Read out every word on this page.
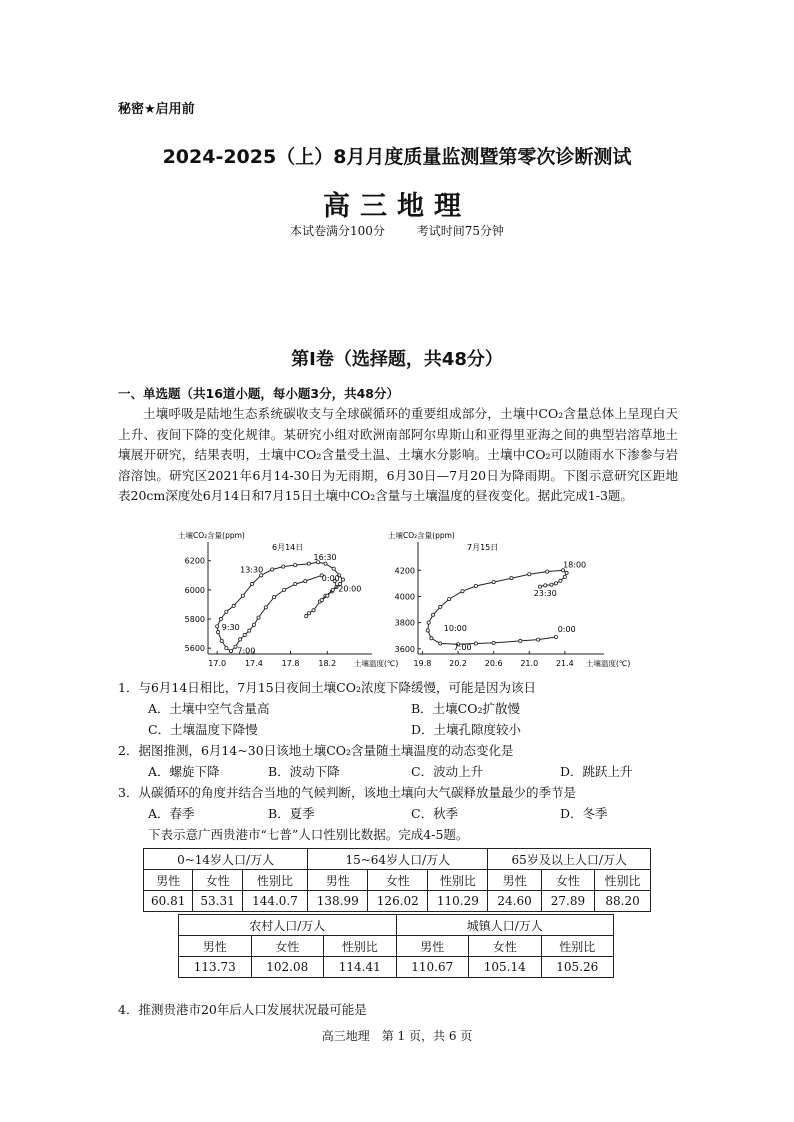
秘密★启用前
2024-2025（上）8月月度质量监测暨第零次诊断测试
高三地理
本试卷满分100分	考试时间75分钟
第Ⅰ卷（选择题，共48分）
一、单选题（共16道小题，每小题3分，共48分）
土壤呼吸是陆地生态系统碳收支与全球碳循环的重要组成部分，土壤中CO₂含量总体上呈现白天上升、夜间下降的变化规律。某研究小组对欧洲南部阿尔卑斯山和亚得里亚海之间的典型岩溶草地土壤展开研究，结果表明，土壤中CO₂含量受土温、土壤水分影响。土壤中CO₂可以随雨水下渗参与岩溶溶蚀。研究区2021年6月14-30日为无雨期，6月30日—7月20日为降雨期。下图示意研究区距地表20cm深度处6月14日和7月15日土壤中CO₂含量与土壤温度的昼夜变化。据此完成1-3题。
17.0 17.4 17.8 18.2
5600
5800
6000
6200
土壤CO₂含量(ppm)
土壤温度(℃)
6月14日
16:30
13:30
0:00
20:00
9:30
7:00
19.8 20.2 20.6 21.0 21.4
3600
3800
4000
4200
土壤CO₂含量(ppm)
土壤温度(℃)
7月15日
18:00
23:30
0:00
10:00
7:00
1．与6月14日相比，7月15日夜间土壤CO₂浓度下降缓慢，可能是因为该日
A．土壤中空气含量高	B．土壤CO₂扩散慢
C．土壤温度下降慢	D．土壤孔隙度较小
2．据图推测，6月14~30日该地土壤CO₂含量随土壤温度的动态变化是
A．螺旋下降	B．波动下降	C．波动上升	D．跳跃上升
3．从碳循环的角度并结合当地的气候判断，该地土壤向大气碳释放量最少的季节是
A．春季	B．夏季	C．秋季	D．冬季
下表示意广西贵港市“七普”人口性别比数据。完成4-5题。
0~14岁人口/万人			15~64岁人口/万人			65岁及以上人口/万人		
男性	女性	性别比	男性	女性	性别比	男性	女性	性别比
60.81	53.31	144.0.7	138.99	126.02	110.29	24.60	27.89	88.20
农村人口/万人			城镇人口/万人		
男性	女性	性别比	男性	女性	性别比
113.73	102.08	114.41	110.67	105.14	105.26
4．推测贵港市20年后人口发展状况最可能是
高三地理　第 1 页，共 6 页
